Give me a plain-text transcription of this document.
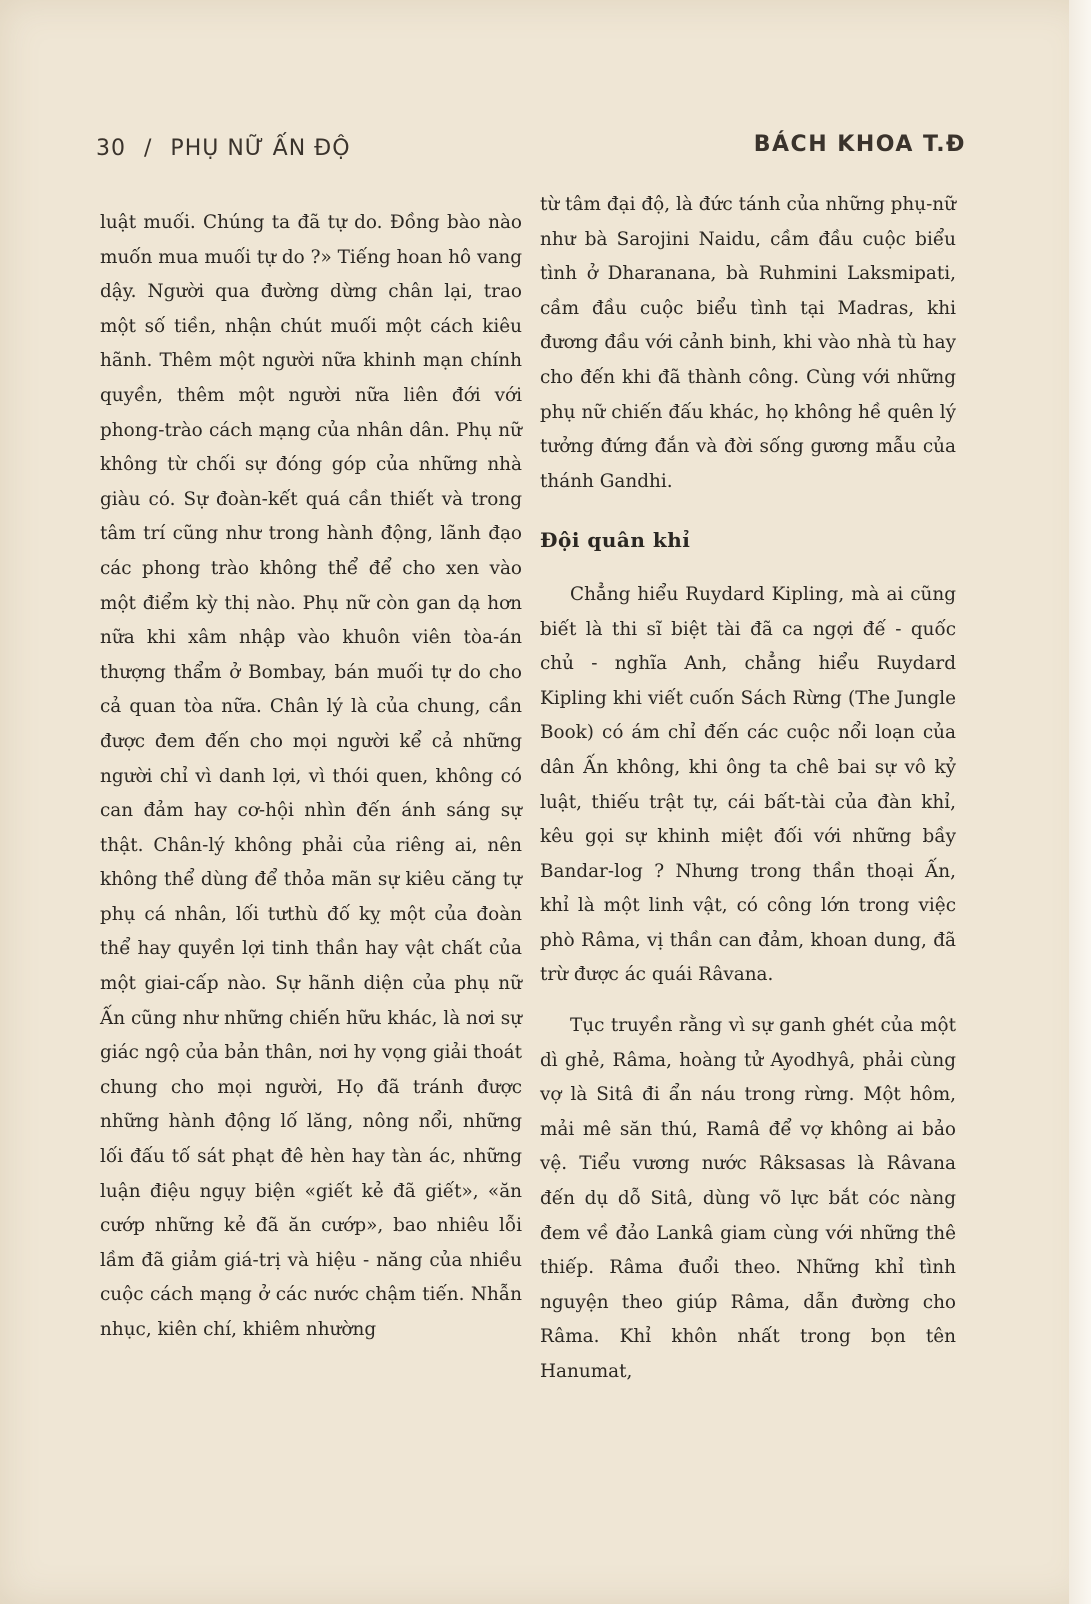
30 / PHỤ NỮ ẤN ĐỘ	BÁCH KHOA T.Đ

luật muối. Chúng ta đã tự do. Đồng bào nào muốn mua muối tự do ?» Tiếng hoan hô vang dậy. Người qua đường dừng chân lại, trao một số tiền, nhận chút muối một cách kiêu hãnh. Thêm một người nữa khinh mạn chính quyền, thêm một người nữa liên đới với phong-trào cách mạng của nhân dân. Phụ nữ không từ chối sự đóng góp của những nhà giàu có. Sự đoàn-kết quá cần thiết và trong tâm trí cũng như trong hành động, lãnh đạo các phong trào không thể để cho xen vào một điểm kỳ thị nào. Phụ nữ còn gan dạ hơn nữa khi xâm nhập vào khuôn viên tòa-án thượng thẩm ở Bombay, bán muối tự do cho cả quan tòa nữa. Chân lý là của chung, cần được đem đến cho mọi người kể cả những người chỉ vì danh lợi, vì thói quen, không có can đảm hay cơ-hội nhìn đến ánh sáng sự thật. Chân-lý không phải của riêng ai, nên không thể dùng để thỏa mãn sự kiêu căng tự phụ cá nhân, lối tưthù đố kỵ một của đoàn thể hay quyền lợi tinh thần hay vật chất của một giai-cấp nào. Sự hãnh diện của phụ nữ Ấn cũng như những chiến hữu khác, là nơi sự giác ngộ của bản thân, nơi hy vọng giải thoát chung cho mọi người, Họ đã tránh được những hành động lố lăng, nông nổi, những lối đấu tố sát phạt đê hèn hay tàn ác, những luận điệu ngụy biện «giết kẻ đã giết», «ăn cướp những kẻ đã ăn cướp», bao nhiêu lỗi lầm đã giảm giá-trị và hiệu - năng của nhiều cuộc cách mạng ở các nước chậm tiến. Nhẫn nhục, kiên chí, khiêm nhường

từ tâm đại độ, là đức tánh của những phụ-nữ như bà Sarojini Naidu, cầm đầu cuộc biểu tình ở Dharanana, bà Ruhmini Laksmipati, cầm đầu cuộc biểu tình tại Madras, khi đương đầu với cảnh binh, khi vào nhà tù hay cho đến khi đã thành công. Cùng với những phụ nữ chiến đấu khác, họ không hề quên lý tưởng đứng đắn và đời sống gương mẫu của thánh Gandhi.

Đội quân khỉ

Chẳng hiểu Ruydard Kipling, mà ai cũng biết là thi sĩ biệt tài đã ca ngợi đế - quốc chủ - nghĩa Anh, chẳng hiểu Ruydard Kipling khi viết cuốn Sách Rừng (The Jungle Book) có ám chỉ đến các cuộc nổi loạn của dân Ấn không, khi ông ta chê bai sự vô kỷ luật, thiếu trật tự, cái bất-tài của đàn khỉ, kêu gọi sự khinh miệt đối với những bầy Bandar-log ? Nhưng trong thần thoại Ấn, khỉ là một linh vật, có công lớn trong việc phò Râma, vị thần can đảm, khoan dung, đã trừ được ác quái Râvana.

Tục truyền rằng vì sự ganh ghét của một dì ghẻ, Râma, hoàng tử Ayodhyâ, phải cùng vợ là Sitâ đi ẩn náu trong rừng. Một hôm, mải mê săn thú, Ramâ để vợ không ai bảo vệ. Tiểu vương nước Râksasas là Râvana đến dụ dỗ Sitâ, dùng võ lực bắt cóc nàng đem về đảo Lankâ giam cùng với những thê thiếp. Râma đuổi theo. Những khỉ tình nguyện theo giúp Râma, dẫn đường cho Râma. Khỉ khôn nhất trong bọn tên Hanumat,
